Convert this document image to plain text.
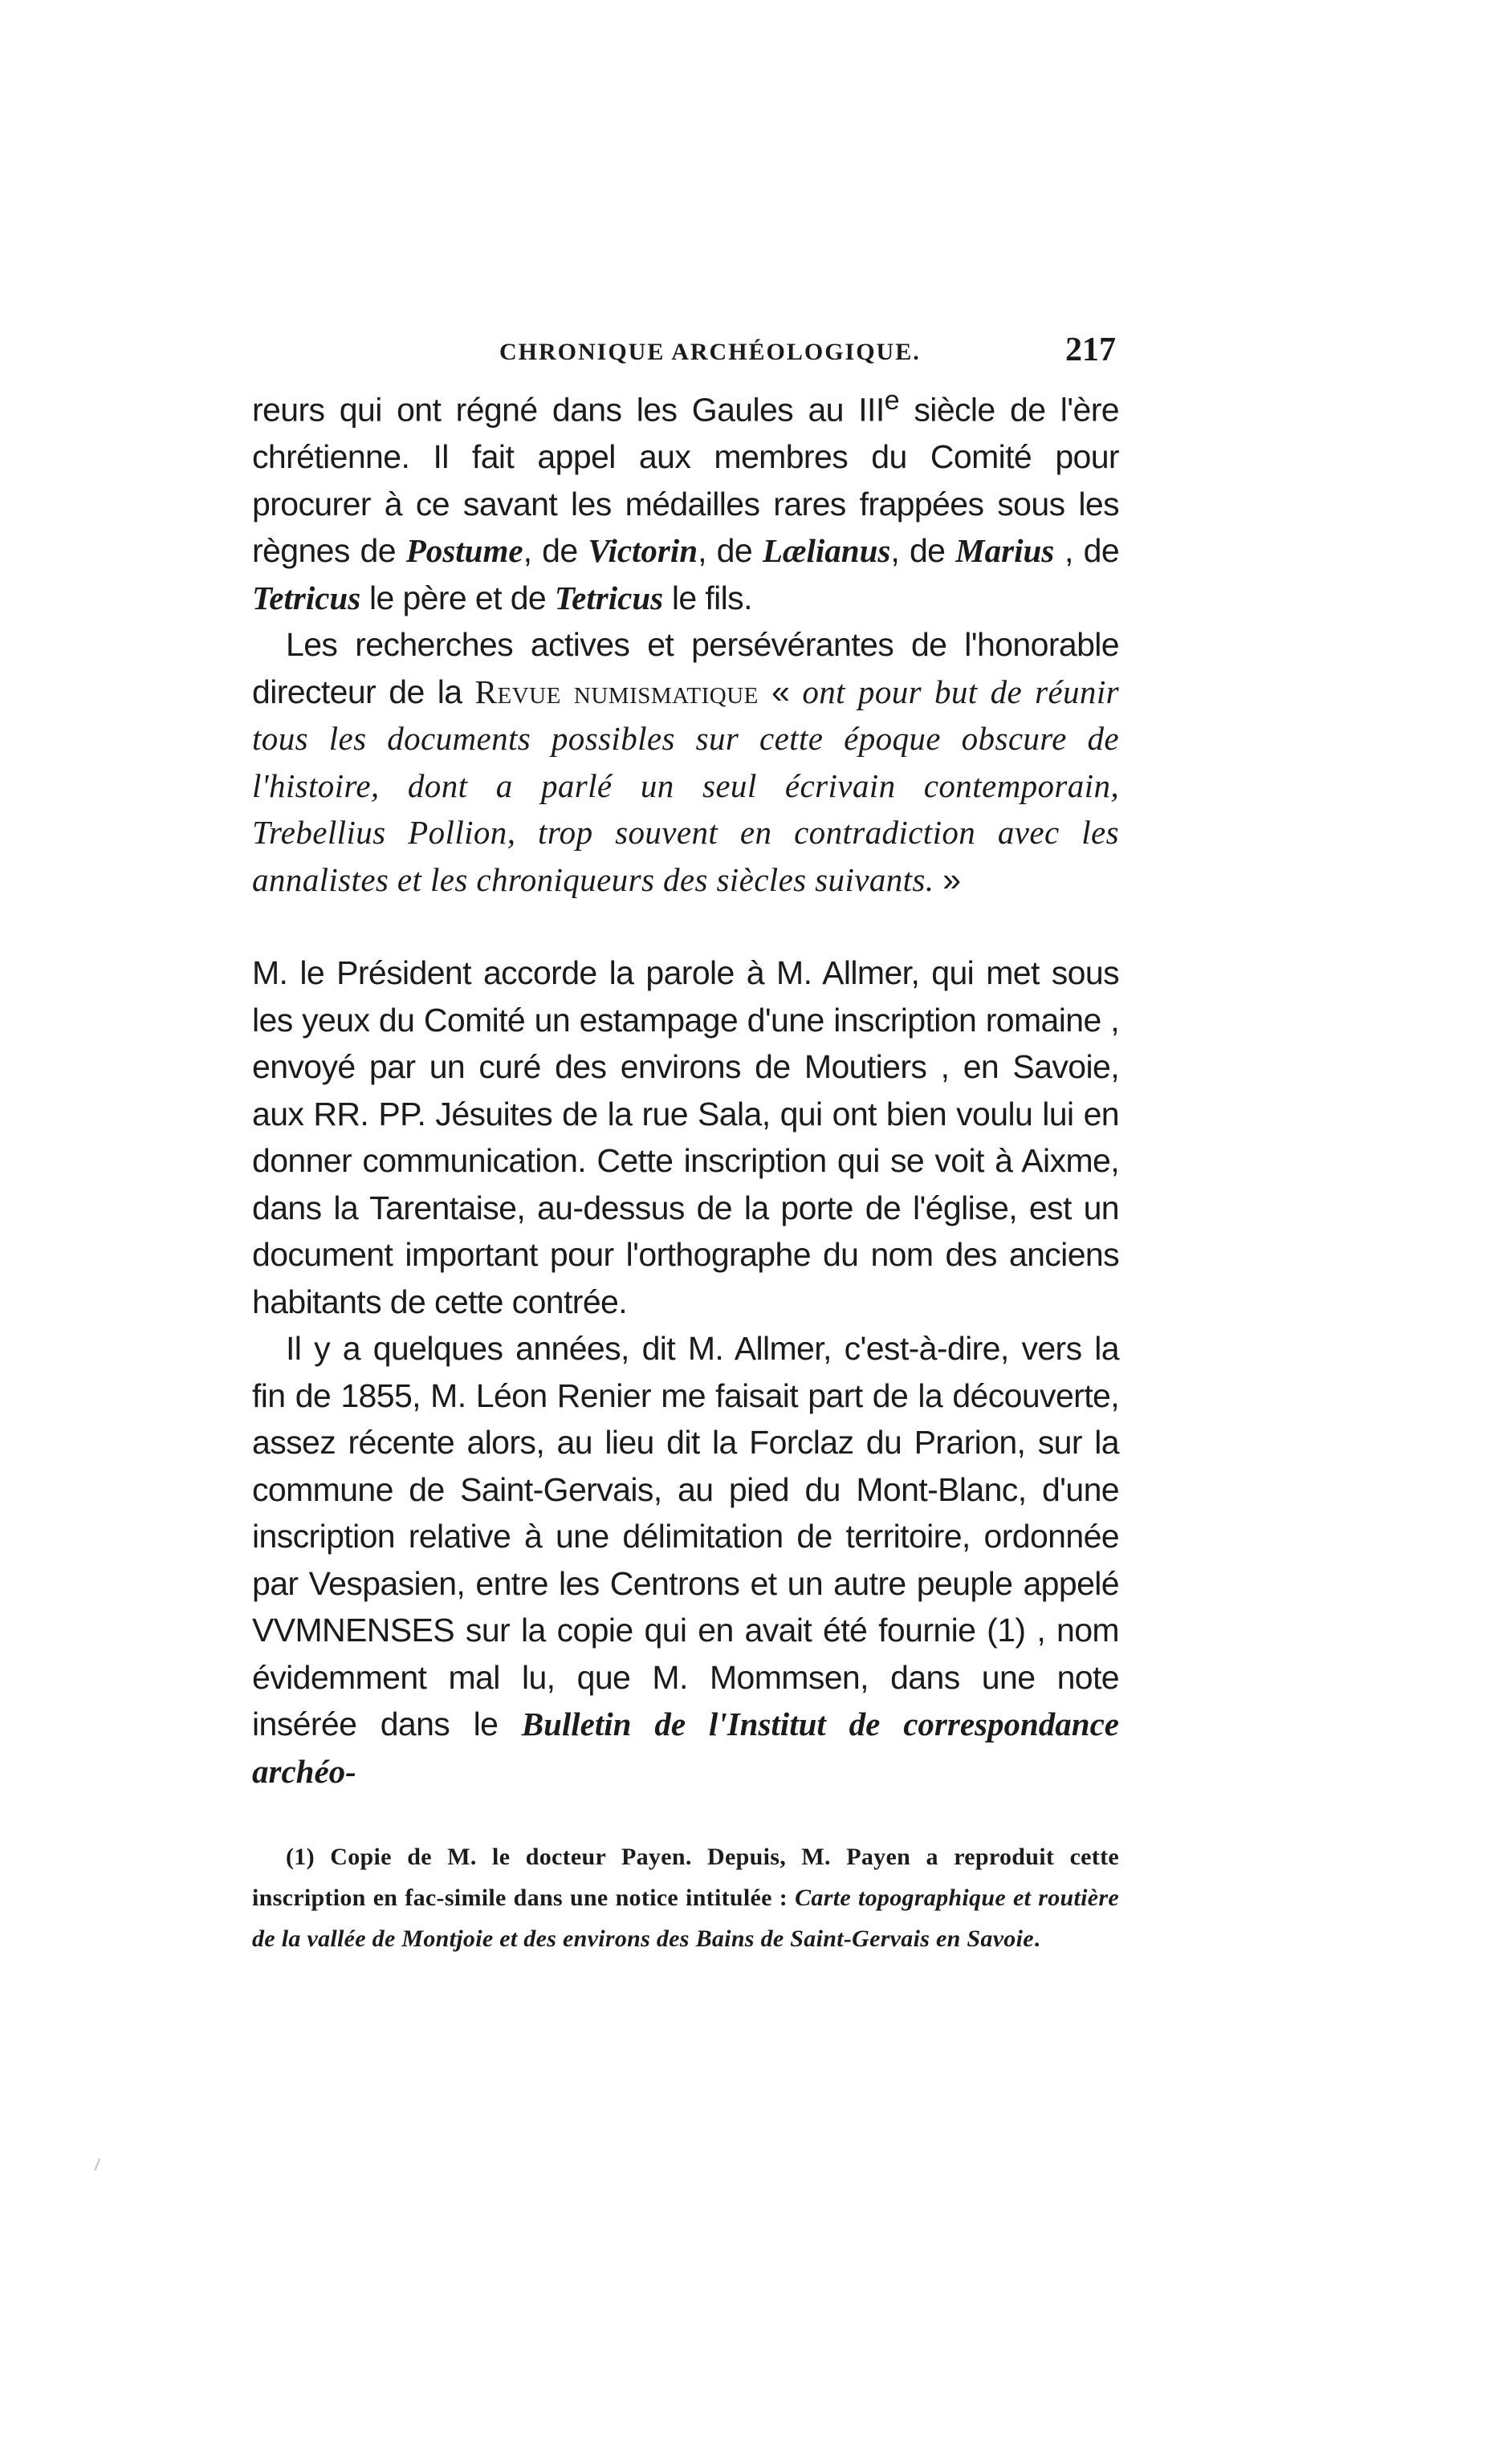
CHRONIQUE ARCHÉOLOGIQUE.	217

reurs qui ont régné dans les Gaules au IIIe siècle de l'ère chrétienne. Il fait appel aux membres du Comité pour procurer à ce savant les médailles rares frappées sous les règnes de Postume, de Victorin, de Lælianus, de Marius , de Tetricus le père et de Tetricus le fils.

Les recherches actives et persévérantes de l'honorable directeur de la Revue numismatique « ont pour but de réunir tous les documents possibles sur cette époque obscure de l'histoire, dont a parlé un seul écrivain contemporain, Trebellius Pollion, trop souvent en contradiction avec les annalistes et les chroniqueurs des siècles suivants. »

M. le Président accorde la parole à M. Allmer, qui met sous les yeux du Comité un estampage d'une inscription romaine , envoyé par un curé des environs de Moutiers , en Savoie, aux RR. PP. Jésuites de la rue Sala, qui ont bien voulu lui en donner communication. Cette inscription qui se voit à Aixme, dans la Tarentaise, au-dessus de la porte de l'église, est un document important pour l'orthographe du nom des anciens habitants de cette contrée.

Il y a quelques années, dit M. Allmer, c'est-à-dire, vers la fin de 1855, M. Léon Renier me faisait part de la découverte, assez récente alors, au lieu dit la Forclaz du Prarion, sur la commune de Saint-Gervais, au pied du Mont-Blanc, d'une inscription relative à une délimitation de territoire, ordonnée par Vespasien, entre les Centrons et un autre peuple appelé VVMNENSES sur la copie qui en avait été fournie (1) , nom évidemment mal lu, que M. Mommsen, dans une note insérée dans le Bulletin de l'Institut de correspondance archéo-

(1) Copie de M. le docteur Payen. Depuis, M. Payen a reproduit cette inscription en fac-simile dans une notice intitulée : Carte topographique et routière de la vallée de Montjoie et des environs des Bains de Saint-Gervais en Savoie.
